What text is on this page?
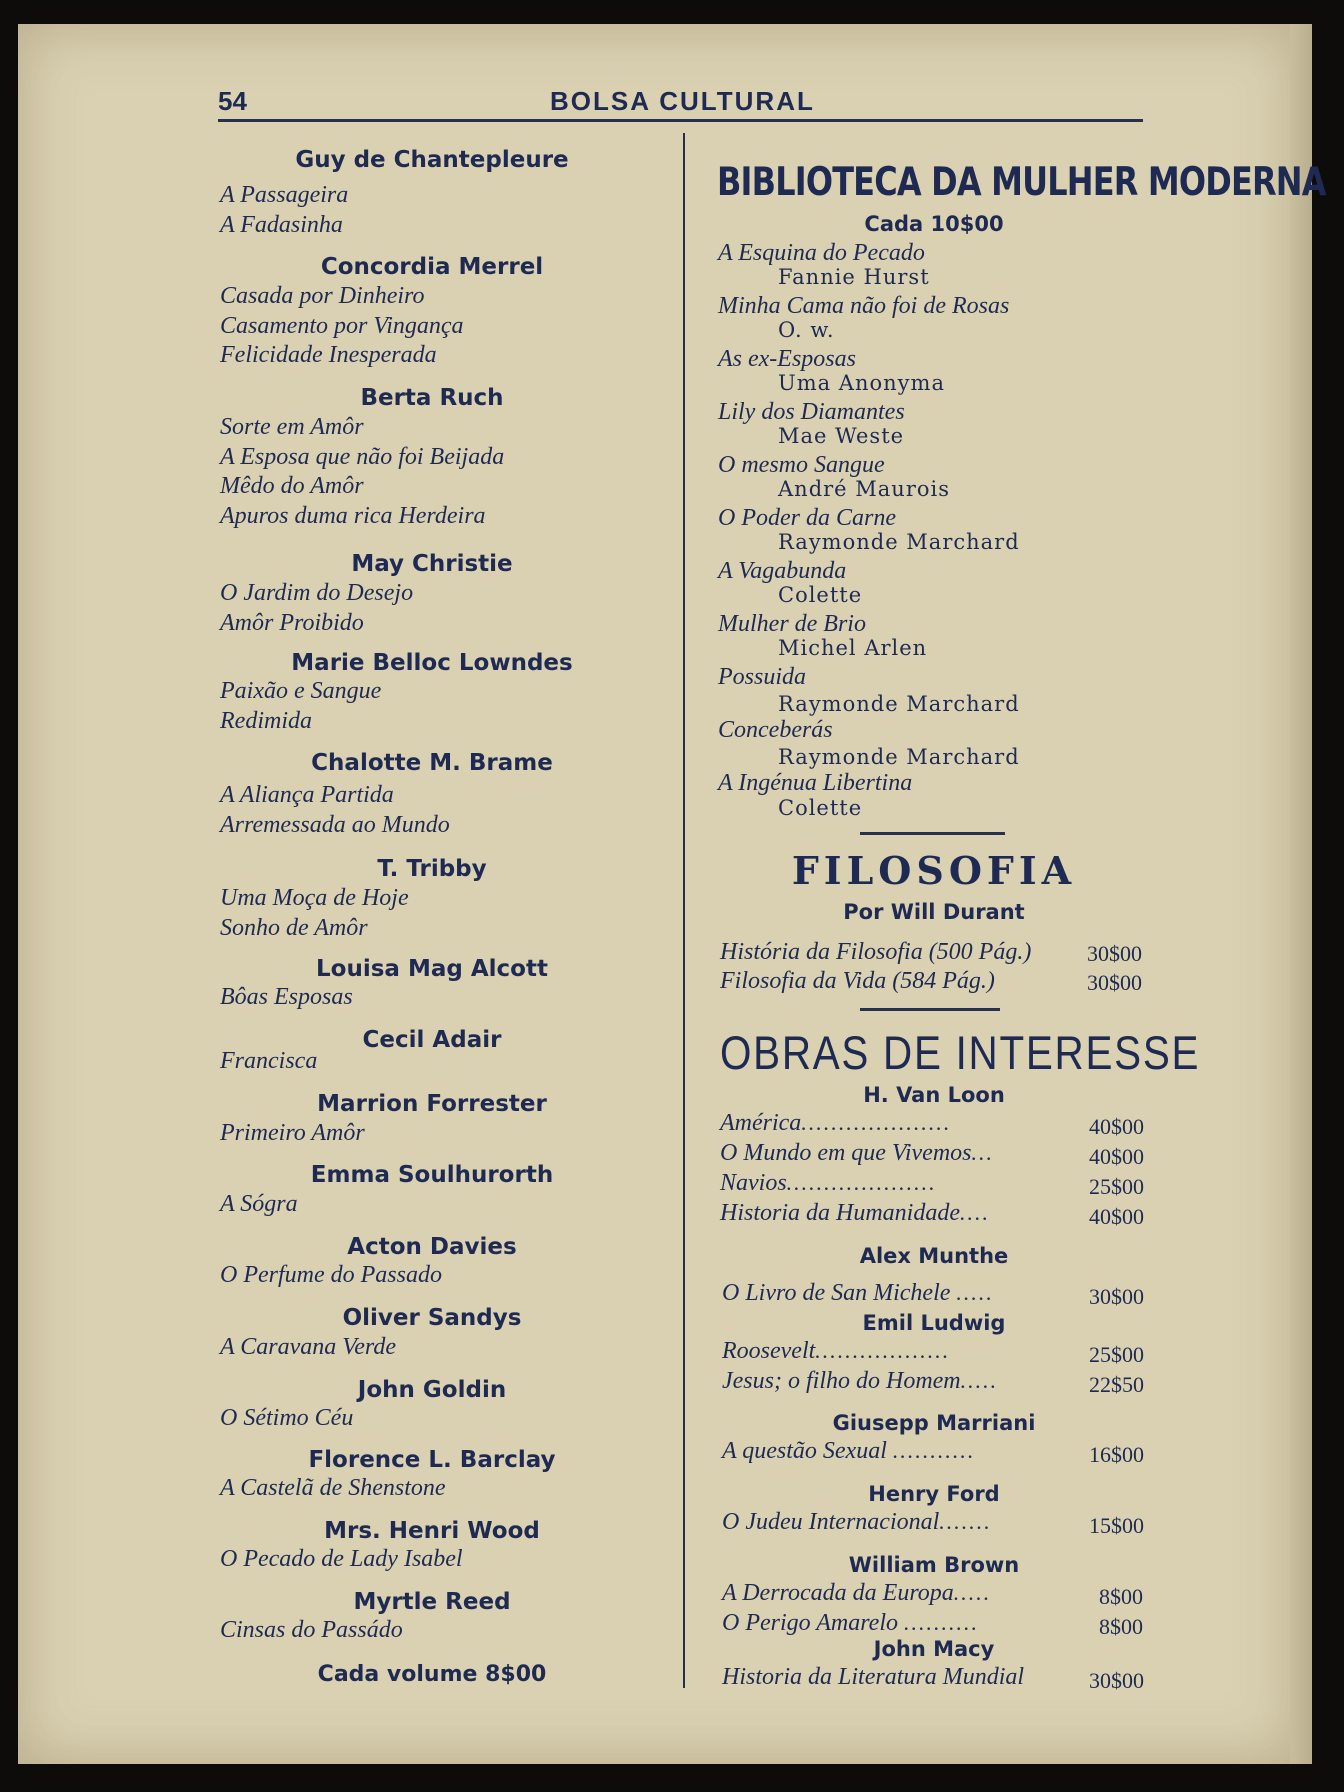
54	BOLSA CULTURAL
Guy de Chantepleure
A Passageira
A Fadasinha
Concordia Merrel
Casada por Dinheiro
Casamento por Vingança
Felicidade Inesperada
Berta Ruch
Sorte em Amôr
A Esposa que não foi Beijada
Mêdo do Amôr
Apuros duma rica Herdeira
May Christie
O Jardim do Desejo
Amôr Proibido
Marie Belloc Lowndes
Paixão e Sangue
Redimida
Chalotte M. Brame
A Aliança Partida
Arremessada ao Mundo
T. Tribby
Uma Moça de Hoje
Sonho de Amôr
Louisa Mag Alcott
Bôas Esposas
Cecil Adair
Francisca
Marrion Forrester
Primeiro Amôr
Emma Soulhurorth
A Sógra
Acton Davies
O Perfume do Passado
Oliver Sandys
A Caravana Verde
John Goldin
O Sétimo Céu
Florence L. Barclay
A Castelã de Shenstone
Mrs. Henri Wood
O Pecado de Lady Isabel
Myrtle Reed
Cinsas do Passádo
Cada volume 8$00
BIBLIOTECA DA MULHER MODERNA
Cada 10$00
A Esquina do Pecado
Fannie Hurst
Minha Cama não foi de Rosas
O. w.
As ex-Esposas
Uma Anonyma
Lily dos Diamantes
Mae Weste
O mesmo Sangue
André Maurois
O Poder da Carne
Raymonde Marchard
A Vagabunda
Colette
Mulher de Brio
Michel Arlen
Possuida
Raymonde Marchard
Conceberás
Raymonde Marchard
A Ingénua Libertina
Colette
FILOSOFIA
Por Will Durant
História da Filosofia (500 Pág.)	30$00
Filosofia da Vida (584 Pág.)	30$00
OBRAS DE INTERESSE
H. Van Loon
América....................	40$00
O Mundo em que Vivemos...	40$00
Navios....................	25$00
Historia da Humanidade....	40$00
Alex Munthe
O Livro de San Michele .....	30$00
Emil Ludwig
Roosevelt..................	25$00
Jesus; o filho do Homem.....	22$50
Giusepp Marriani
A questão Sexual ...........	16$00
Henry Ford
O Judeu Internacional.......	15$00
William Brown
A Derrocada da Europa.....	8$00
O Perigo Amarelo ..........	8$00
John Macy
Historia da Literatura Mundial	30$00
